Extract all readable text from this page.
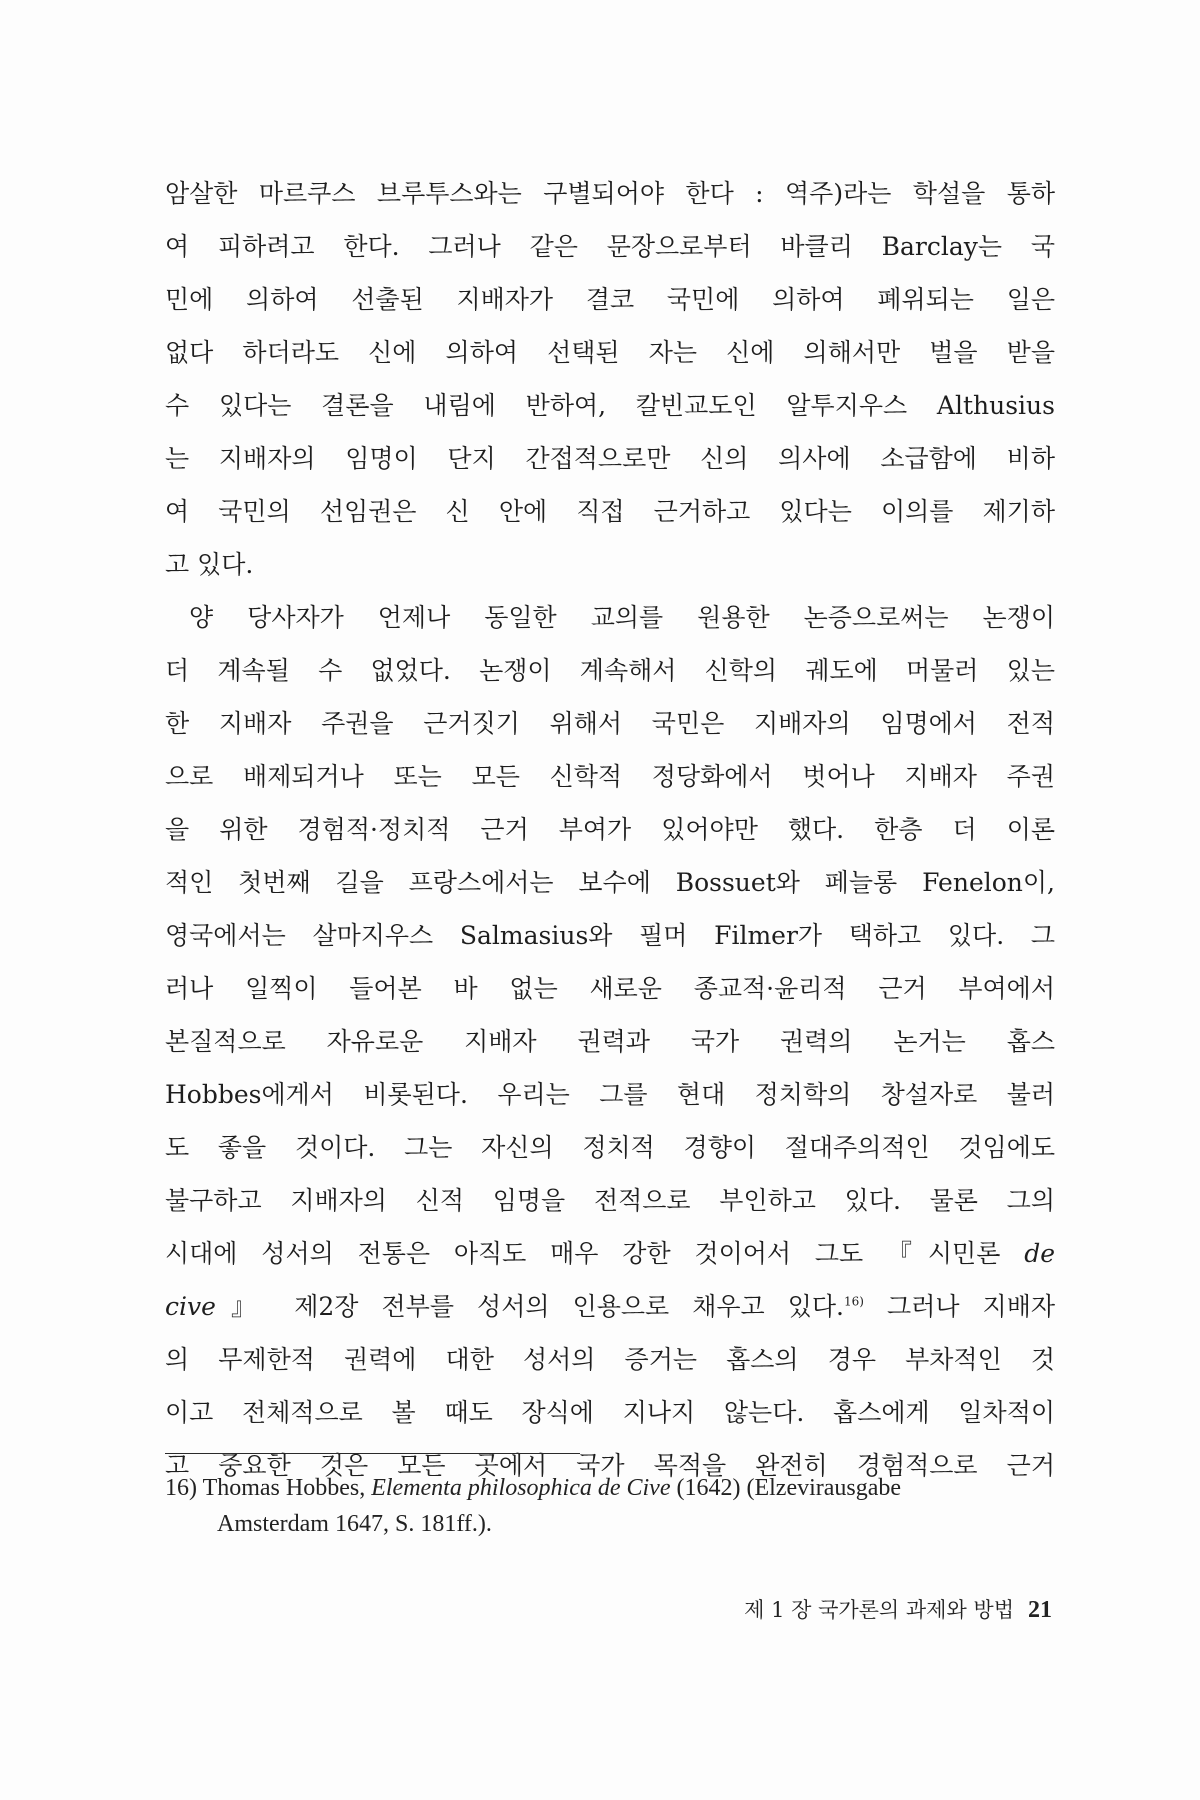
암살한 마르쿠스 브루투스와는 구별되어야 한다 : 역주)라는 학설을 통하
여 피하려고 한다. 그러나 같은 문장으로부터 바클리 Barclay는 국
민에 의하여 선출된 지배자가 결코 국민에 의하여 폐위되는 일은
없다 하더라도 신에 의하여 선택된 자는 신에 의해서만 벌을 받을
수 있다는 결론을 내림에 반하여, 칼빈교도인 알투지우스 Althusius
는 지배자의 임명이 단지 간접적으로만 신의 의사에 소급함에 비하
여 국민의 선임권은 신 안에 직접 근거하고 있다는 이의를 제기하
고 있다.
양 당사자가 언제나 동일한 교의를 원용한 논증으로써는 논쟁이
더 계속될 수 없었다. 논쟁이 계속해서 신학의 궤도에 머물러 있는
한 지배자 주권을 근거짓기 위해서 국민은 지배자의 임명에서 전적
으로 배제되거나 또는 모든 신학적 정당화에서 벗어나 지배자 주권
을 위한 경험적·정치적 근거 부여가 있어야만 했다. 한층 더 이론
적인 첫번째 길을 프랑스에서는 보수에 Bossuet와 페늘롱 Fenelon이,
영국에서는 살마지우스 Salmasius와 필머 Filmer가 택하고 있다. 그
러나 일찍이 들어본 바 없는 새로운 종교적·윤리적 근거 부여에서
본질적으로 자유로운 지배자 권력과 국가 권력의 논거는 홉스
Hobbes에게서 비롯된다. 우리는 그를 현대 정치학의 창설자로 불러
도 좋을 것이다. 그는 자신의 정치적 경향이 절대주의적인 것임에도
불구하고 지배자의 신적 임명을 전적으로 부인하고 있다. 물론 그의
시대에 성서의 전통은 아직도 매우 강한 것이어서 그도 『시민론 de
cive』 제2장 전부를 성서의 인용으로 채우고 있다.$^{16)}$ 그러나 지배자
의 무제한적 권력에 대한 성서의 증거는 홉스의 경우 부차적인 것
이고 전체적으로 볼 때도 장식에 지나지 않는다. 홉스에게 일차적이
고 중요한 것은 모든 곳에서 국가 목적을 완전히 경험적으로 근거
16) Thomas Hobbes, Elementa philosophica de Cive (1642) (Elzevirausgabe
Amsterdam 1647, S. 181ff.).
제 1 장 국가론의 과제와 방법 21
